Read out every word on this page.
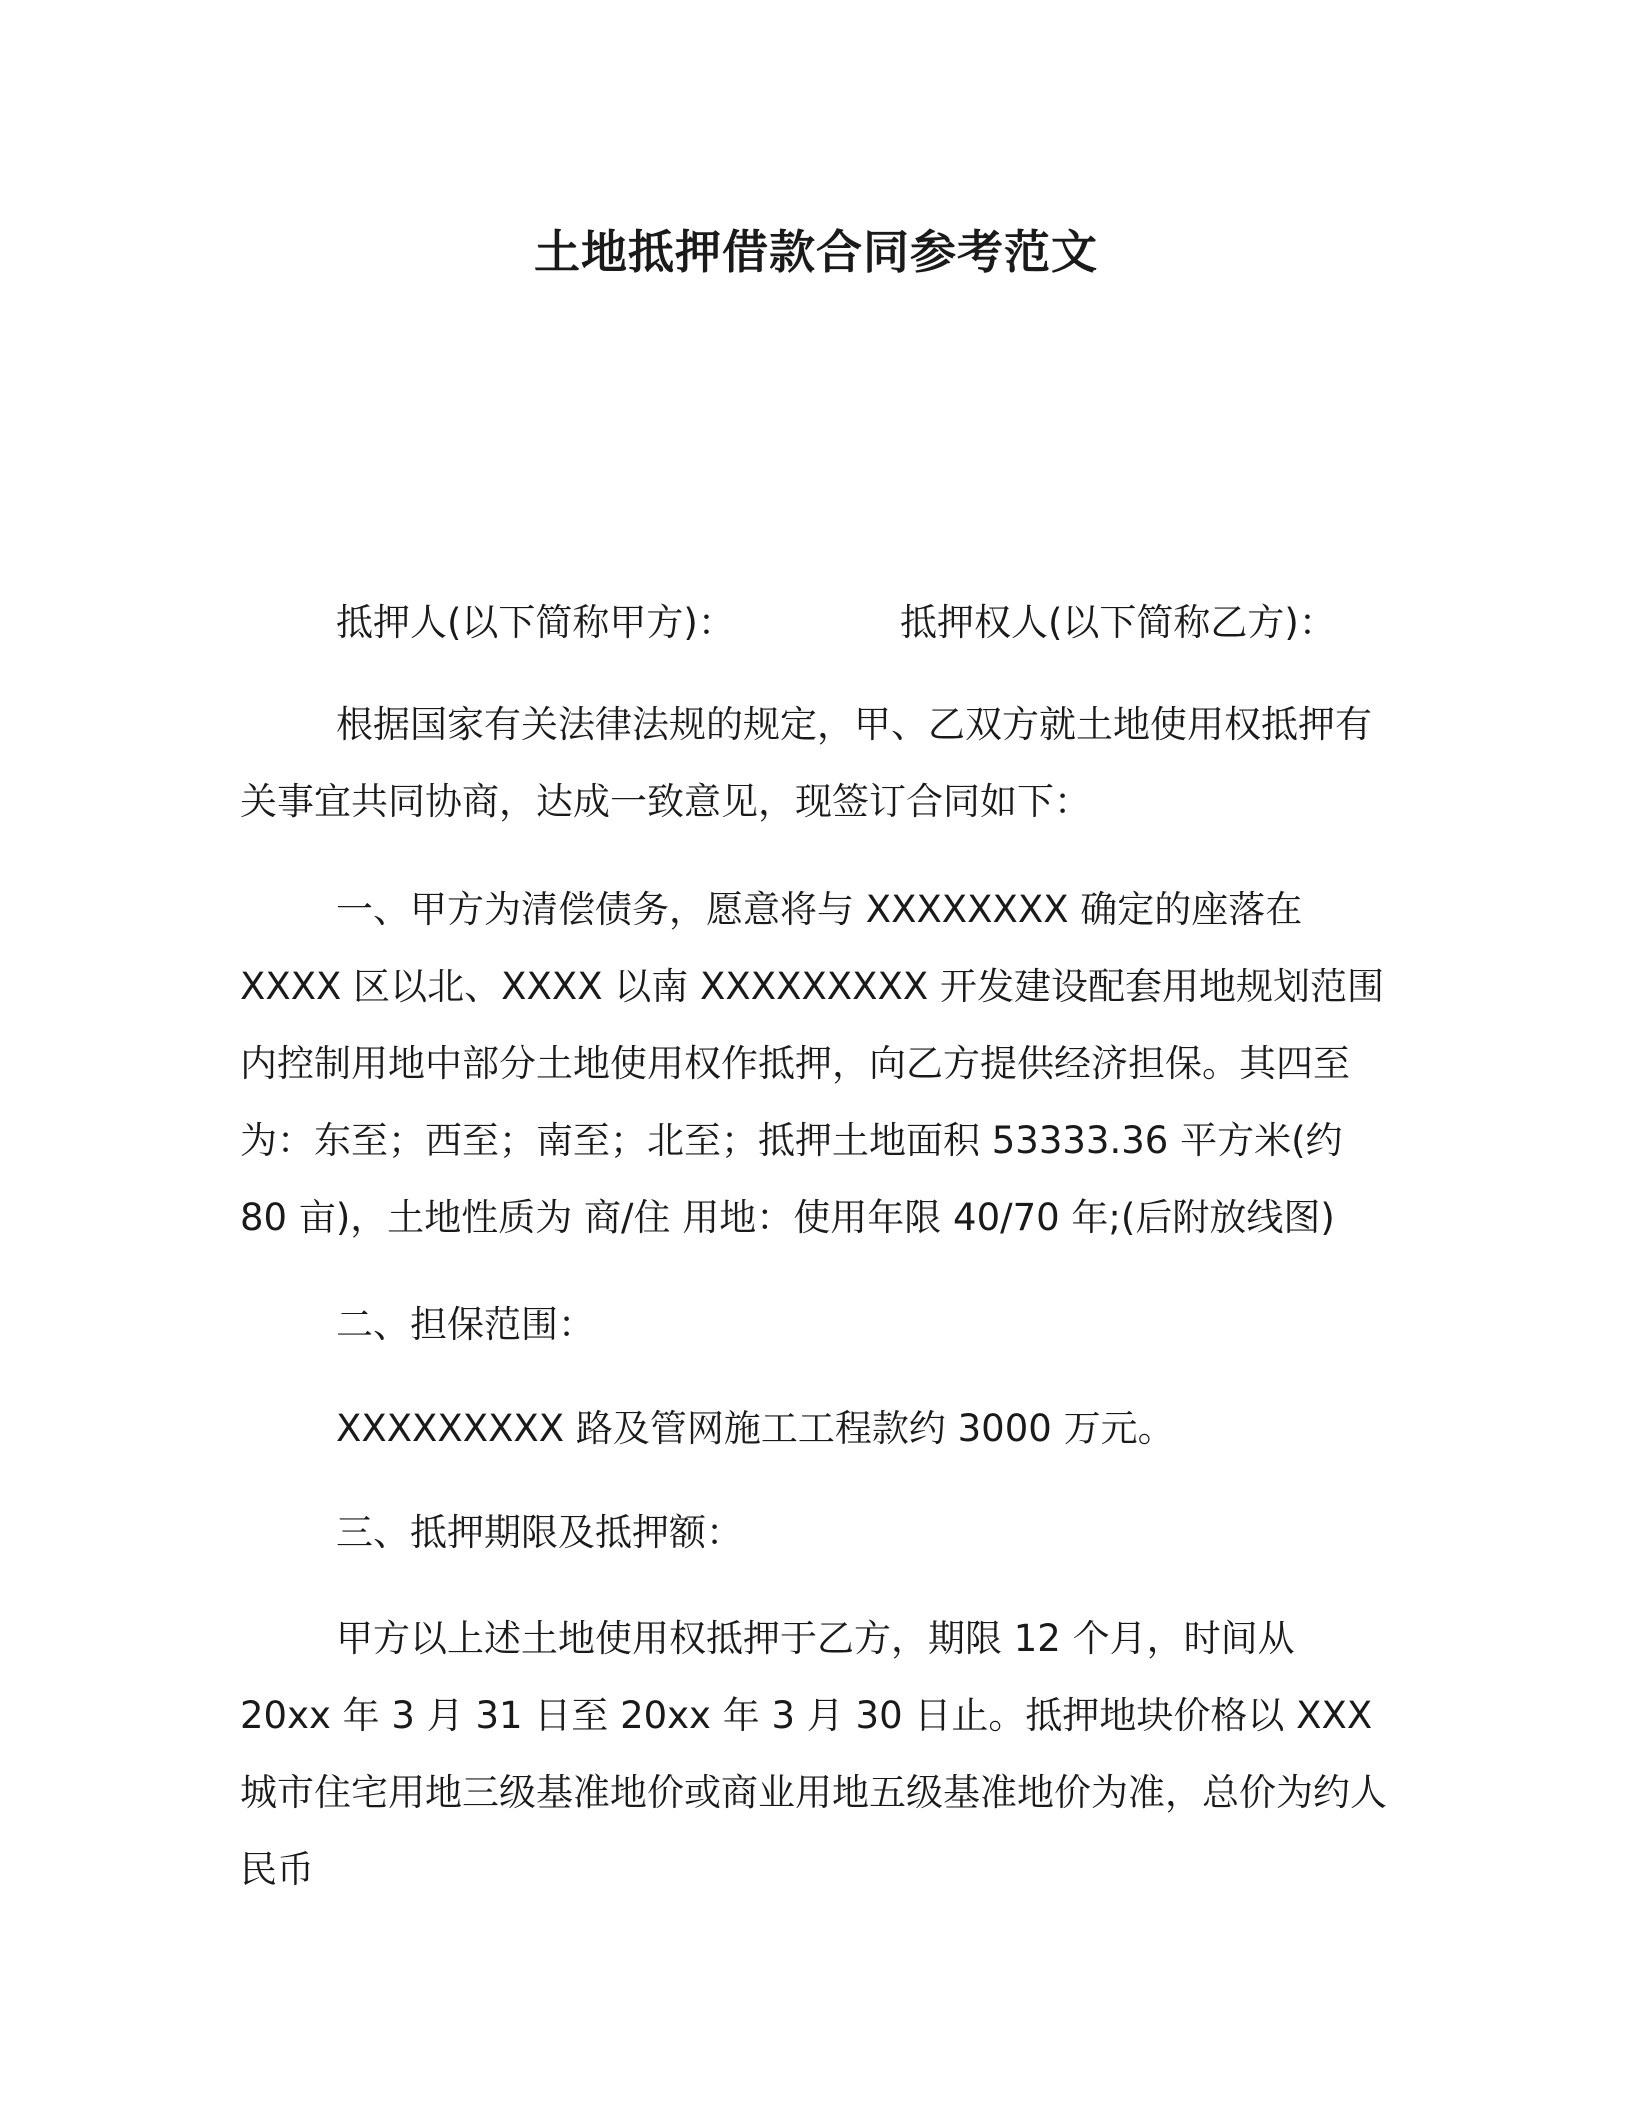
土地抵押借款合同参考范文
抵押人(以下简称甲方)：	抵押权人(以下简称乙方)：

根据国家有关法律法规的规定，甲、乙双方就土地使用权抵押有关事宜共同协商，达成一致意见，现签订合同如下：

一、甲方为清偿债务，愿意将与 XXXXXXXX 确定的座落在 XXXX 区以北、XXXX 以南 XXXXXXXXX 开发建设配套用地规划范围内控制用地中部分土地使用权作抵押，向乙方提供经济担保。其四至为：东至；西至；南至；北至；抵押土地面积 53333.36 平方米(约 80 亩)，土地性质为 商/住 用地：使用年限 40/70 年;(后附放线图)

二、担保范围：

XXXXXXXXX 路及管网施工工程款约 3000 万元。

三、抵押期限及抵押额：

甲方以上述土地使用权抵押于乙方，期限 12 个月，时间从 20xx 年 3 月 31 日至 20xx 年 3 月 30 日止。抵押地块价格以 XXX 城市住宅用地三级基准地价或商业用地五级基准地价为准，总价为约人民币
